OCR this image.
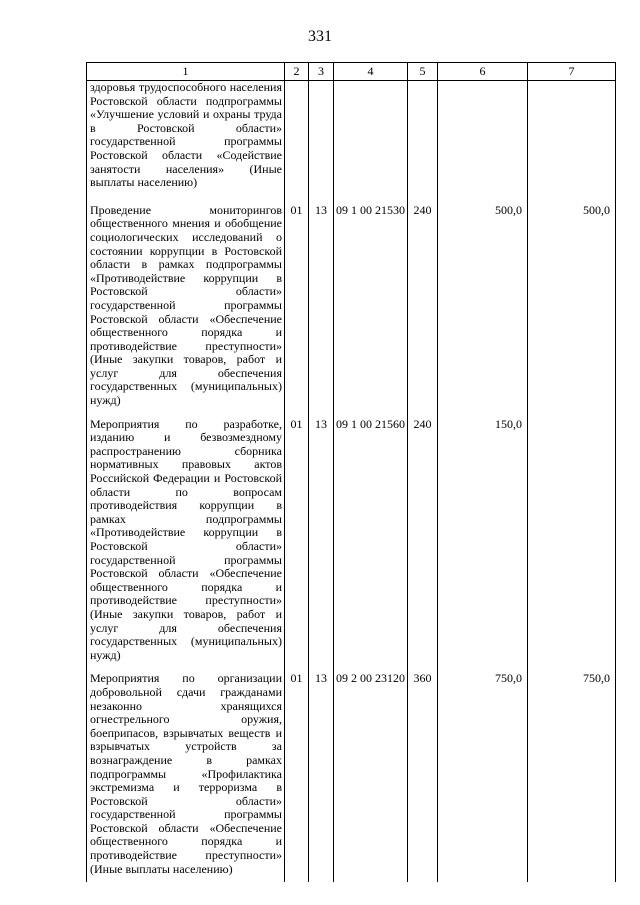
331
1	2	3	4	5	6	7
здоровья трудоспособного населения Ростовской области подпрограммы «Улучшение условий и охраны труда в Ростовской области» государственной программы Ростовской области «Содействие занятости населения» (Иные выплаты населению)						
Проведение мониторингов общественного мнения и обобщение социологических исследований о состоянии коррупции в Ростовской области в рамках подпрограммы «Противодействие коррупции в Ростовской области» государственной программы Ростовской области «Обеспечение общественного порядка и противодействие преступности» (Иные закупки товаров, работ и услуг для обеспечения государственных (муниципальных) нужд)	01	13	09 1 00 21530	240	500,0	500,0
Мероприятия по разработке, изданию и безвозмездному распространению сборника нормативных правовых актов Российской Федерации и Ростовской области по вопросам противодействия коррупции в рамках подпрограммы «Противодействие коррупции в Ростовской области» государственной программы Ростовской области «Обеспечение общественного порядка и противодействие преступности» (Иные закупки товаров, работ и услуг для обеспечения государственных (муниципальных) нужд)	01	13	09 1 00 21560	240	150,0	
Мероприятия по организации добровольной сдачи гражданами незаконно хранящихся огнестрельного оружия, боеприпасов, взрывчатых веществ и взрывчатых устройств за вознаграждение в рамках подпрограммы «Профилактика экстремизма и терроризма в Ростовской области» государственной программы Ростовской области «Обеспечение общественного порядка и противодействие преступности» (Иные выплаты населению)	01	13	09 2 00 23120	360	750,0	750,0
